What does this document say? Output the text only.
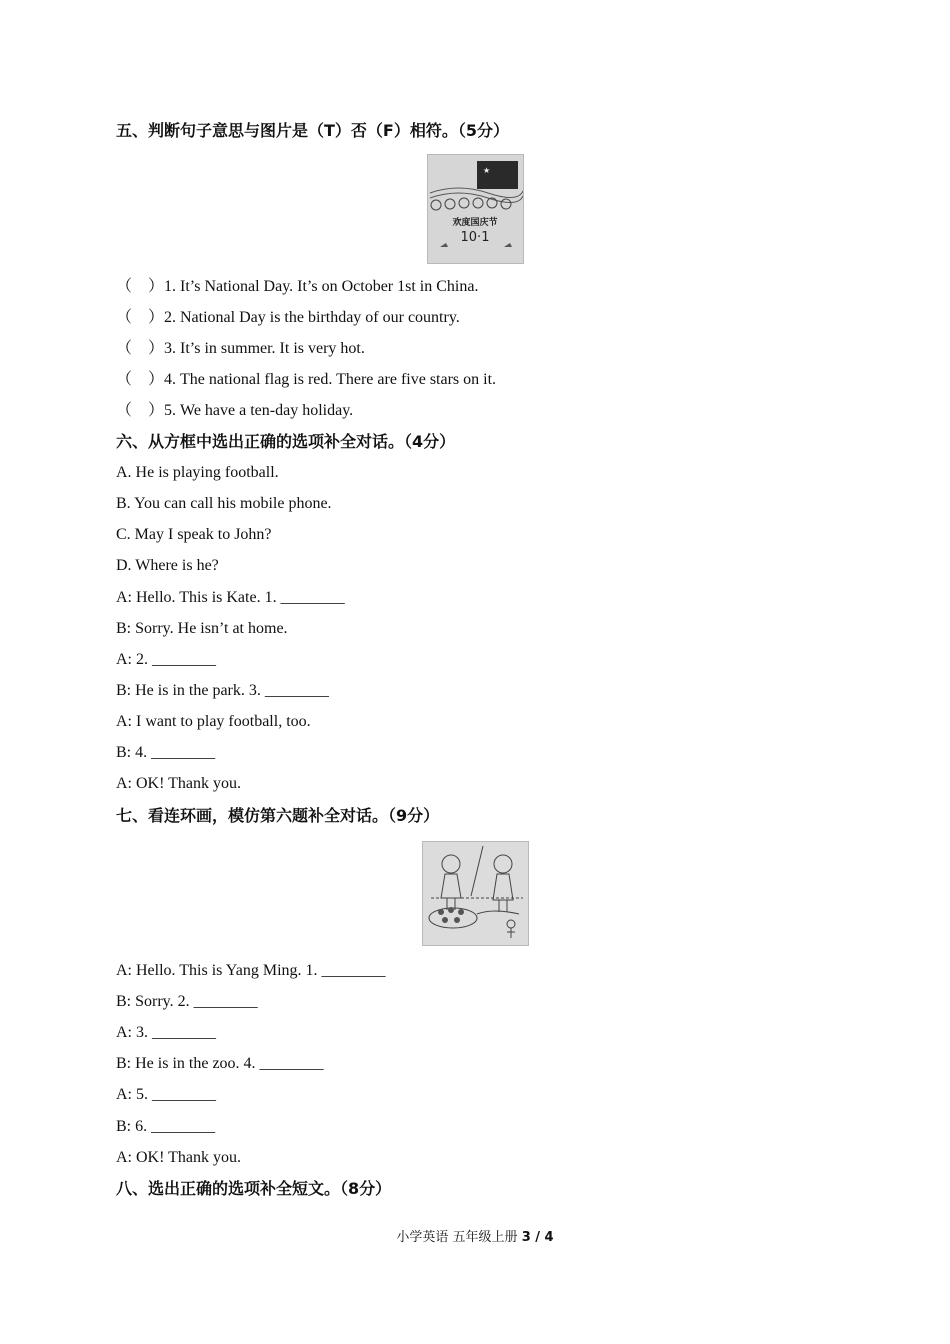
五、判断句子意思与图片是（T）否（F）相符。（5分）
★
欢度国庆节
10·1
（　）1. It’s National Day. It’s on October 1st in China.
（　）2. National Day is the birthday of our country.
（　）3. It’s in summer. It is very hot.
（　）4. The national flag is red. There are five stars on it.
（　）5. We have a ten-day holiday.
六、从方框中选出正确的选项补全对话。（4分）
A. He is playing football.
B. You can call his mobile phone.
C. May I speak to John?
D. Where is he?
A: Hello. This is Kate. 1. ________
B: Sorry. He isn’t at home.
A: 2. ________
B: He is in the park. 3. ________
A: I want to play football, too.
B: 4. ________
A: OK! Thank you.
七、看连环画，模仿第六题补全对话。（9分）
A: Hello. This is Yang Ming. 1. ________
B: Sorry. 2. ________
A: 3. ________
B: He is in the zoo. 4. ________
A: 5. ________
B: 6. ________
A: OK! Thank you.
八、选出正确的选项补全短文。（8分）
小学英语 五年级上册 3 / 4
